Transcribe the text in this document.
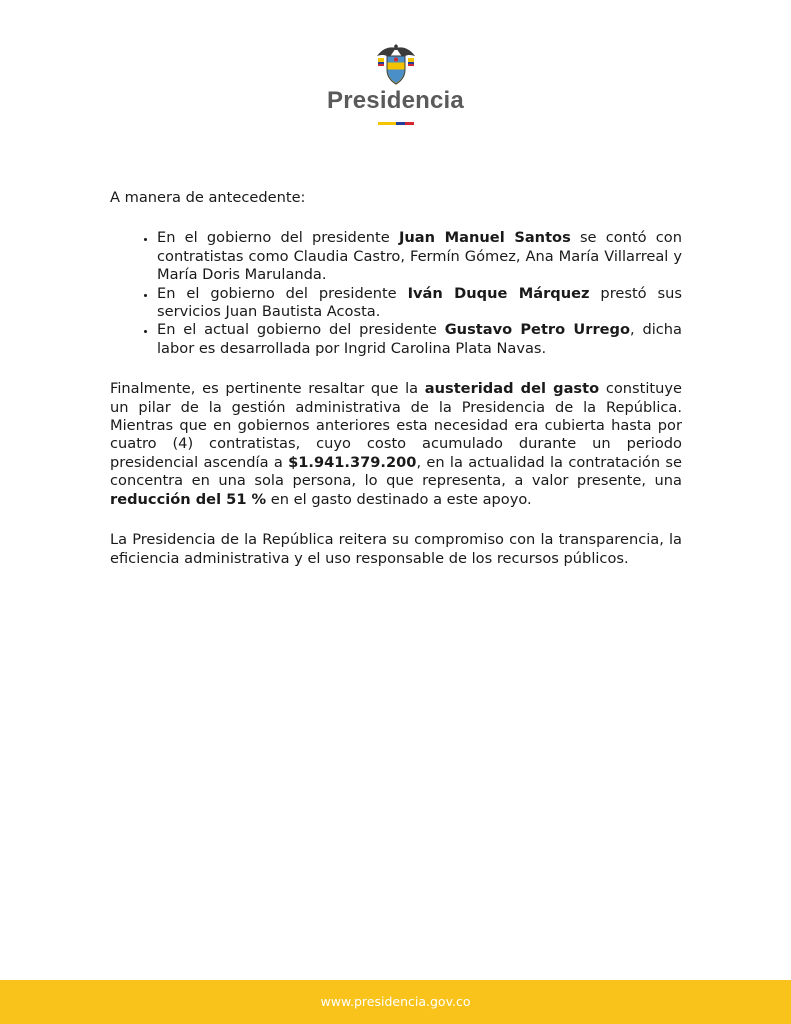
Presidencia

A manera de antecedente:

• En el gobierno del presidente Juan Manuel Santos se contó con contratistas como Claudia Castro, Fermín Gómez, Ana María Villarreal y María Doris Marulanda.
• En el gobierno del presidente Iván Duque Márquez prestó sus servicios Juan Bautista Acosta.
• En el actual gobierno del presidente Gustavo Petro Urrego, dicha labor es desarrollada por Ingrid Carolina Plata Navas.

Finalmente, es pertinente resaltar que la austeridad del gasto constituye un pilar de la gestión administrativa de la Presidencia de la República. Mientras que en gobiernos anteriores esta necesidad era cubierta hasta por cuatro (4) contratistas, cuyo costo acumulado durante un periodo presidencial ascendía a $1.941.379.200, en la actualidad la contratación se concentra en una sola persona, lo que representa, a valor presente, una reducción del 51 % en el gasto destinado a este apoyo.

La Presidencia de la República reitera su compromiso con la transparencia, la eficiencia administrativa y el uso responsable de los recursos públicos.

www.presidencia.gov.co
